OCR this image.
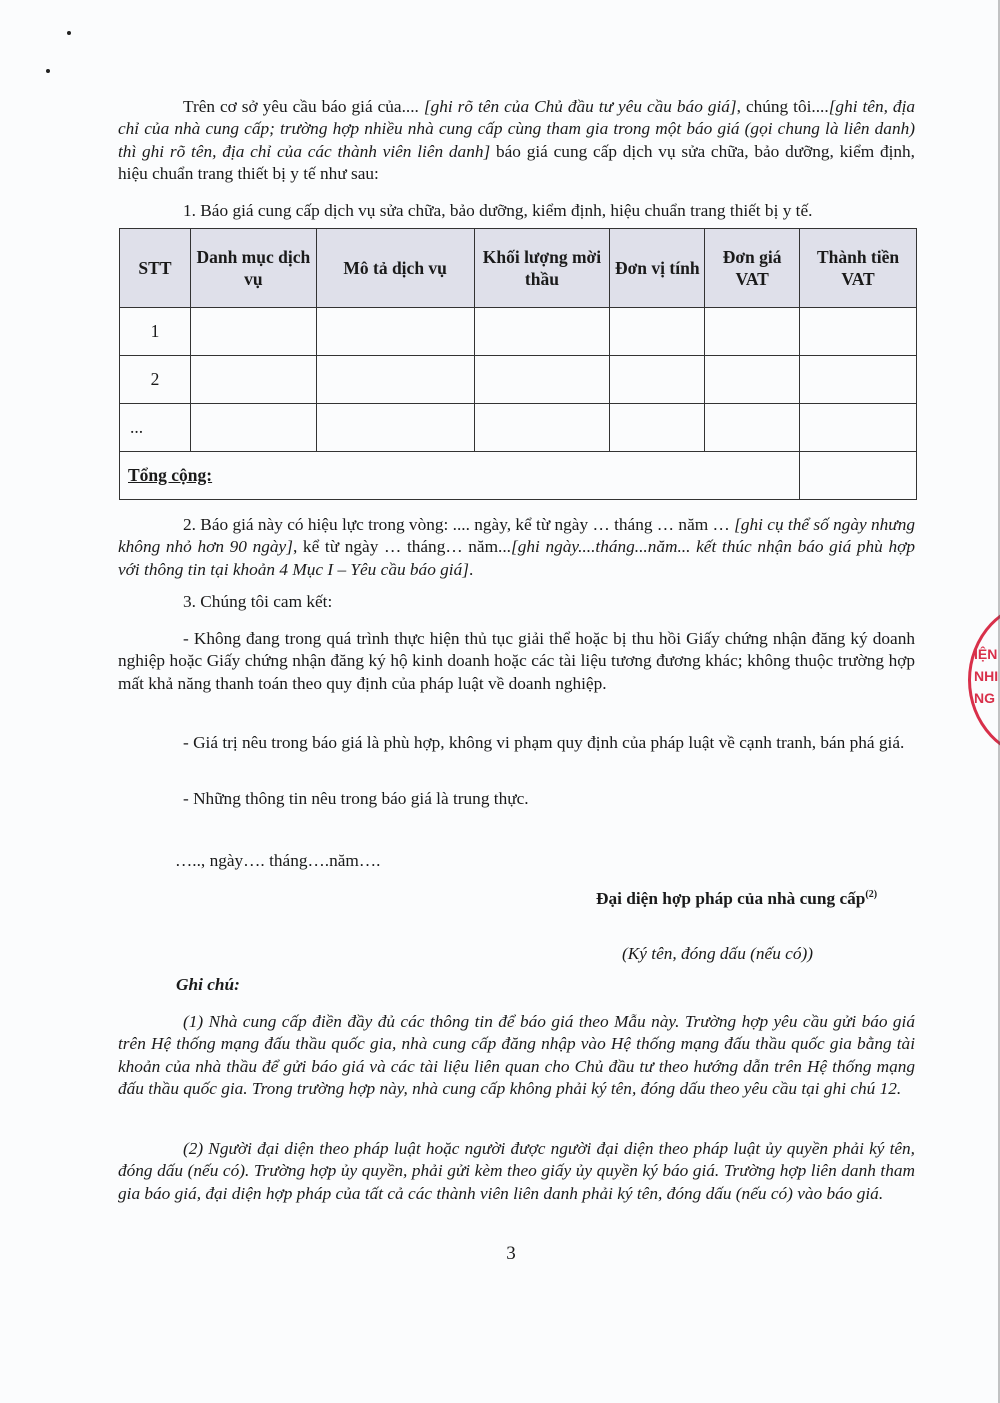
Trên cơ sở yêu cầu báo giá của.... [ghi rõ tên của Chủ đầu tư yêu cầu báo giá], chúng tôi....[ghi tên, địa chỉ của nhà cung cấp; trường hợp nhiều nhà cung cấp cùng tham gia trong một báo giá (gọi chung là liên danh) thì ghi rõ tên, địa chỉ của các thành viên liên danh] báo giá cung cấp dịch vụ sửa chữa, bảo dưỡng, kiểm định, hiệu chuẩn trang thiết bị y tế như sau:

1. Báo giá cung cấp dịch vụ sửa chữa, bảo dưỡng, kiểm định, hiệu chuẩn trang thiết bị y tế.

STT	Danh mục dịch vụ	Mô tả dịch vụ	Khối lượng mời thầu	Đơn vị tính	Đơn giá VAT	Thành tiền VAT
1						
2						
...						
Tổng cộng:						

2. Báo giá này có hiệu lực trong vòng: .... ngày, kể từ ngày … tháng … năm … [ghi cụ thể số ngày nhưng không nhỏ hơn 90 ngày], kể từ ngày … tháng… năm...[ghi ngày....tháng...năm... kết thúc nhận báo giá phù hợp với thông tin tại khoản 4 Mục I – Yêu cầu báo giá].

3. Chúng tôi cam kết:

- Không đang trong quá trình thực hiện thủ tục giải thể hoặc bị thu hồi Giấy chứng nhận đăng ký doanh nghiệp hoặc Giấy chứng nhận đăng ký hộ kinh doanh hoặc các tài liệu tương đương khác; không thuộc trường hợp mất khả năng thanh toán theo quy định của pháp luật về doanh nghiệp.

- Giá trị nêu trong báo giá là phù hợp, không vi phạm quy định của pháp luật về cạnh tranh, bán phá giá.

- Những thông tin nêu trong báo giá là trung thực.

….., ngày…. tháng….năm….
Đại diện hợp pháp của nhà cung cấp$^{(2)}$
(Ký tên, đóng dấu (nếu có))
Ghi chú:

(1) Nhà cung cấp điền đầy đủ các thông tin để báo giá theo Mẫu này. Trường hợp yêu cầu gửi báo giá trên Hệ thống mạng đấu thầu quốc gia, nhà cung cấp đăng nhập vào Hệ thống mạng đấu thầu quốc gia bằng tài khoản của nhà thầu để gửi báo giá và các tài liệu liên quan cho Chủ đầu tư theo hướng dẫn trên Hệ thống mạng đấu thầu quốc gia. Trong trường hợp này, nhà cung cấp không phải ký tên, đóng dấu theo yêu cầu tại ghi chú 12.

(2) Người đại diện theo pháp luật hoặc người được người đại diện theo pháp luật ủy quyền phải ký tên, đóng dấu (nếu có). Trường hợp ủy quyền, phải gửi kèm theo giấy ủy quyền ký báo giá. Trường hợp liên danh tham gia báo giá, đại diện hợp pháp của tất cả các thành viên liên danh phải ký tên, đóng dấu (nếu có) vào báo giá.

3
IỆN
NHI
NG
